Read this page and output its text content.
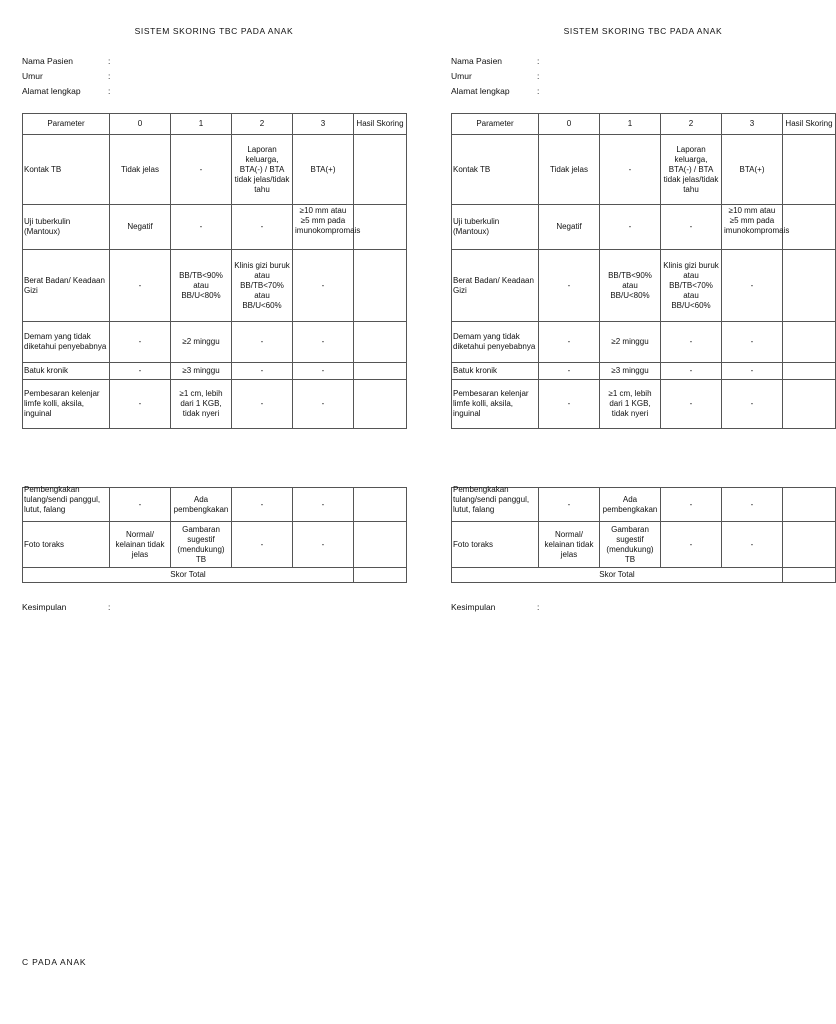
SISTEM SKORING TBC PADA ANAK
Nama Pasien	:
Umur	:
Alamat lengkap	:
Parameter	0	1	2	3	Hasil Skoring
Kontak TB	Tidak jelas	-	Laporan keluarga, BTA(-) / BTA tidak jelas/tidak tahu	BTA(+)	
Uji tuberkulin (Mantoux)	Negatif	-	-	≥10 mm atau ≥5 mm pada imunokompromais	

Berat Badan/ Keadaan Gizi	-	BB/TB<90% atau BB/U<80%	Klinis gizi buruk atau BB/TB<70% atau BB/U<60%	-	
Demam yang tidak diketahui penyebabnya	-	≥2 minggu	-	-	
Batuk kronik	-	≥3 minggu	-	-	
Pembesaran kelenjar limfe kolli, aksila, inguinal	-	≥1 cm, lebih dari 1 KGB, tidak nyeri	-	-	
Pembengkakan tulang/sendi panggul, lutut, falang	-	Ada pembengkakan	-	-	
Foto toraks	Normal/ kelainan tidak jelas	Gambaran sugestif (mendukung) TB	-	-	
Skor Total					
Kesimpulan	:
SISTEM SKORING TBC PADA ANAK
Nama Pasien	:
Umur	:
Alamat lengkap	:
Parameter	0	1	2	3	Hasil Skoring
Kontak TB	Tidak jelas	-	Laporan keluarga, BTA(-) / BTA tidak jelas/tidak tahu	BTA(+)	
Uji tuberkulin (Mantoux)	Negatif	-	-	≥10 mm atau ≥5 mm pada imunokompromais	

Berat Badan/ Keadaan Gizi	-	BB/TB<90% atau BB/U<80%	Klinis gizi buruk atau BB/TB<70% atau BB/U<60%	-	
Demam yang tidak diketahui penyebabnya	-	≥2 minggu	-	-	
Batuk kronik	-	≥3 minggu	-	-	
Pembesaran kelenjar limfe kolli, aksila, inguinal	-	≥1 cm, lebih dari 1 KGB, tidak nyeri	-	-	
Pembengkakan tulang/sendi panggul, lutut, falang	-	Ada pembengkakan	-	-	
Foto toraks	Normal/ kelainan tidak jelas	Gambaran sugestif (mendukung) TB	-	-	
Skor Total					
Kesimpulan	:
C PADA ANAK
